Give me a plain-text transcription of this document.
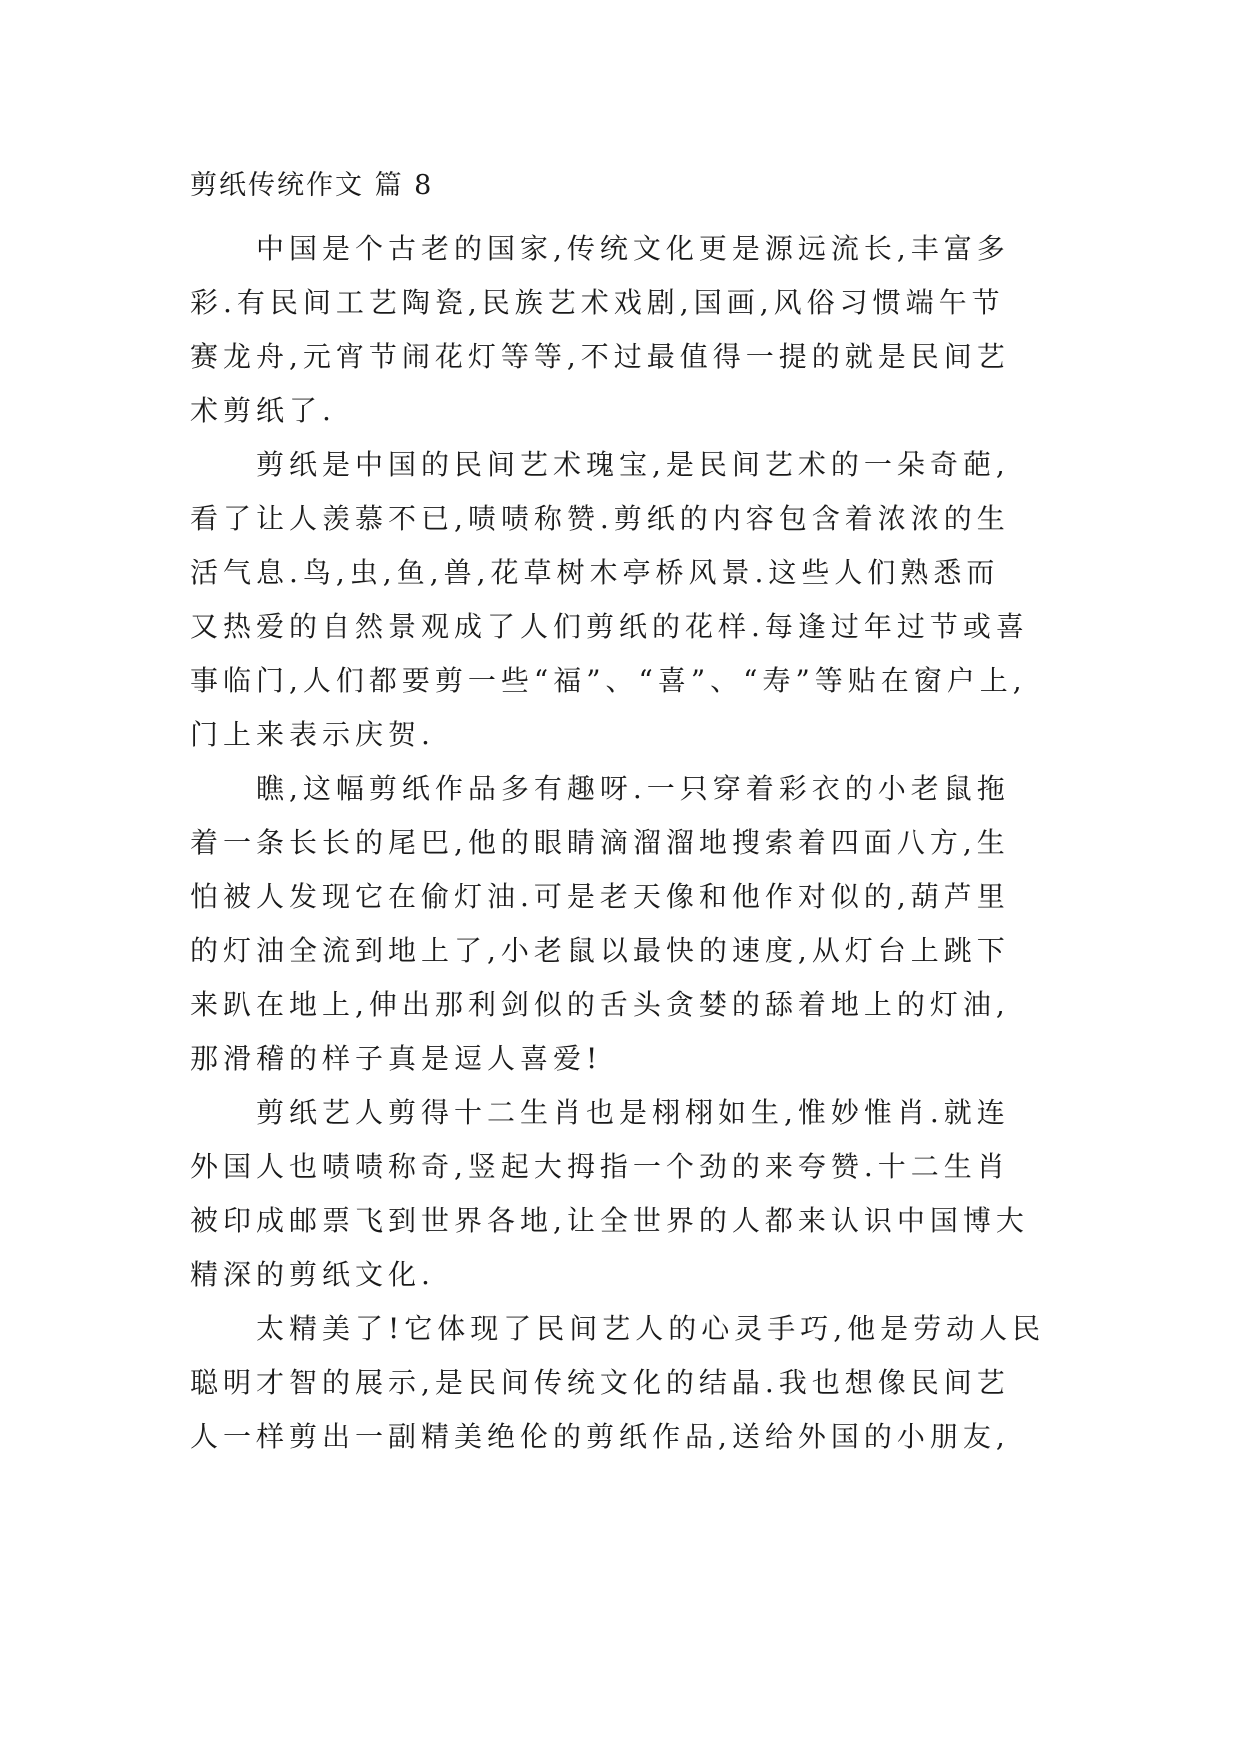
剪纸传统作文 篇 8
中国是个古老的国家,传统文化更是源远流长,丰富多
彩.有民间工艺陶瓷,民族艺术戏剧,国画,风俗习惯端午节
赛龙舟,元宵节闹花灯等等,不过最值得一提的就是民间艺
术剪纸了.
剪纸是中国的民间艺术瑰宝,是民间艺术的一朵奇葩,
看了让人羡慕不已,啧啧称赞.剪纸的内容包含着浓浓的生
活气息.鸟,虫,鱼,兽,花草树木亭桥风景.这些人们熟悉而
又热爱的自然景观成了人们剪纸的花样.每逢过年过节或喜
事临门,人们都要剪一些“福”、“喜”、“寿”等贴在窗户上,
门上来表示庆贺.
瞧,这幅剪纸作品多有趣呀.一只穿着彩衣的小老鼠拖
着一条长长的尾巴,他的眼睛滴溜溜地搜索着四面八方,生
怕被人发现它在偷灯油.可是老天像和他作对似的,葫芦里
的灯油全流到地上了,小老鼠以最快的速度,从灯台上跳下
来趴在地上,伸出那利剑似的舌头贪婪的舔着地上的灯油,
那滑稽的样子真是逗人喜爱!
剪纸艺人剪得十二生肖也是栩栩如生,惟妙惟肖.就连
外国人也啧啧称奇,竖起大拇指一个劲的来夸赞.十二生肖
被印成邮票飞到世界各地,让全世界的人都来认识中国博大
精深的剪纸文化.
太精美了!它体现了民间艺人的心灵手巧,他是劳动人民
聪明才智的展示,是民间传统文化的结晶.我也想像民间艺
人一样剪出一副精美绝伦的剪纸作品,送给外国的小朋友,
